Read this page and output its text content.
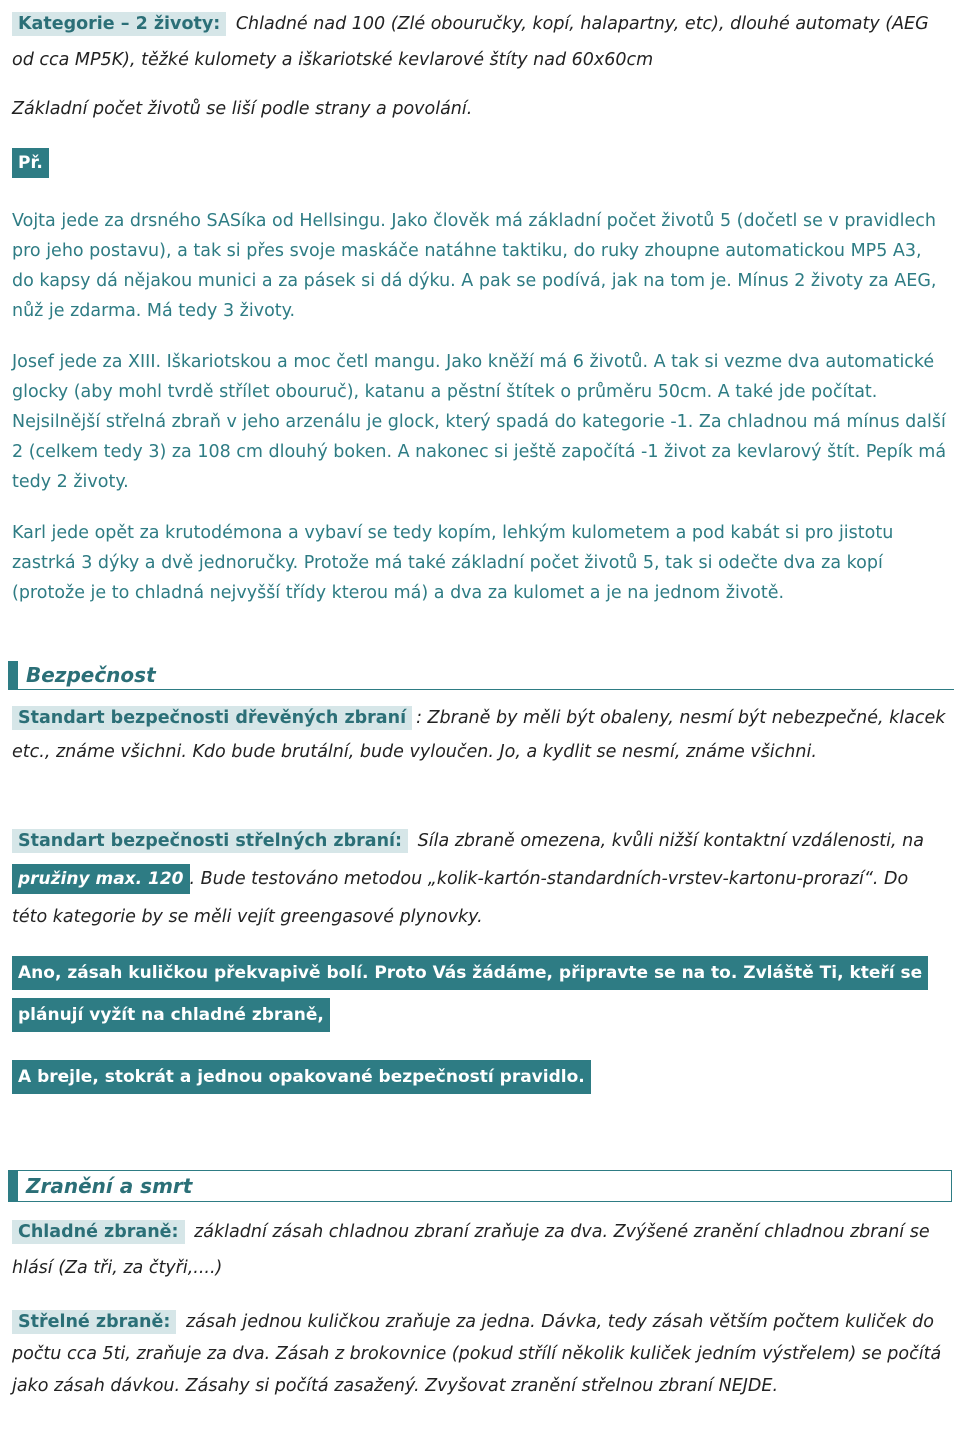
Kategorie – 2 životy: Chladné nad 100 (Zlé obouručky, kopí, halapartny, etc), dlouhé automaty (AEG od cca MP5K), těžké kulomety a iškariotské kevlarové štíty nad 60x60cm

Základní počet životů se liší podle strany a povolání.

Př.

Vojta jede za drsného SASíka od Hellsingu. Jako člověk má základní počet životů 5 (dočetl se v pravidlech pro jeho postavu), a tak si přes svoje maskáče natáhne taktiku, do ruky zhoupne automatickou MP5 A3, do kapsy dá nějakou munici a za pásek si dá dýku. A pak se podívá, jak na tom je. Mínus 2 životy za AEG, nůž je zdarma. Má tedy 3 životy.

Josef jede za XIII. Iškariotskou a moc četl mangu. Jako kněží má 6 životů. A tak si vezme dva automatické glocky (aby mohl tvrdě střílet obouruč), katanu a pěstní štítek o průměru 50cm. A také jde počítat. Nejsilnější střelná zbraň v jeho arzenálu je glock, který spadá do kategorie -1. Za chladnou má mínus další 2 (celkem tedy 3) za 108 cm dlouhý boken. A nakonec si ještě započítá -1 život za kevlarový štít. Pepík má tedy 2 životy.

Karl jede opět za krutodémona a vybaví se tedy kopím, lehkým kulometem a pod kabát si pro jistotu zastrká 3 dýky a dvě jednoručky. Protože má také základní počet životů 5, tak si odečte dva za kopí (protože je to chladná nejvyšší třídy kterou má) a dva za kulomet a je na jednom životě.

Bezpečnost

Standart bezpečnosti dřevěných zbraní : Zbraně by měli být obaleny, nesmí být nebezpečné, klacek etc., známe všichni. Kdo bude brutální, bude vyloučen. Jo, a kydlit se nesmí, známe všichni.

Standart bezpečnosti střelných zbraní: Síla zbraně omezena, kvůli nižší kontaktní vzdálenosti, na pružiny max. 120 . Bude testováno metodou „kolik-kartón-standardních-vrstev-kartonu-prorazí“. Do této kategorie by se měli vejít greengasové plynovky.

Ano, zásah kuličkou překvapivě bolí. Proto Vás žádáme, připravte se na to. Zvláště Ti, kteří se
plánují vyžít na chladné zbraně,
A brejle, stokrát a jednou opakované bezpečností pravidlo.
Zranění a smrt

Chladné zbraně: základní zásah chladnou zbraní zraňuje za dva. Zvýšené zranění chladnou zbraní se hlásí (Za tři, za čtyři,....)

Střelné zbraně: zásah jednou kuličkou zraňuje za jedna. Dávka, tedy zásah větším počtem kuliček do počtu cca 5ti, zraňuje za dva. Zásah z brokovnice (pokud střílí několik kuliček jedním výstřelem) se počítá jako zásah dávkou. Zásahy si počítá zasažený. Zvyšovat zranění střelnou zbraní NEJDE.
